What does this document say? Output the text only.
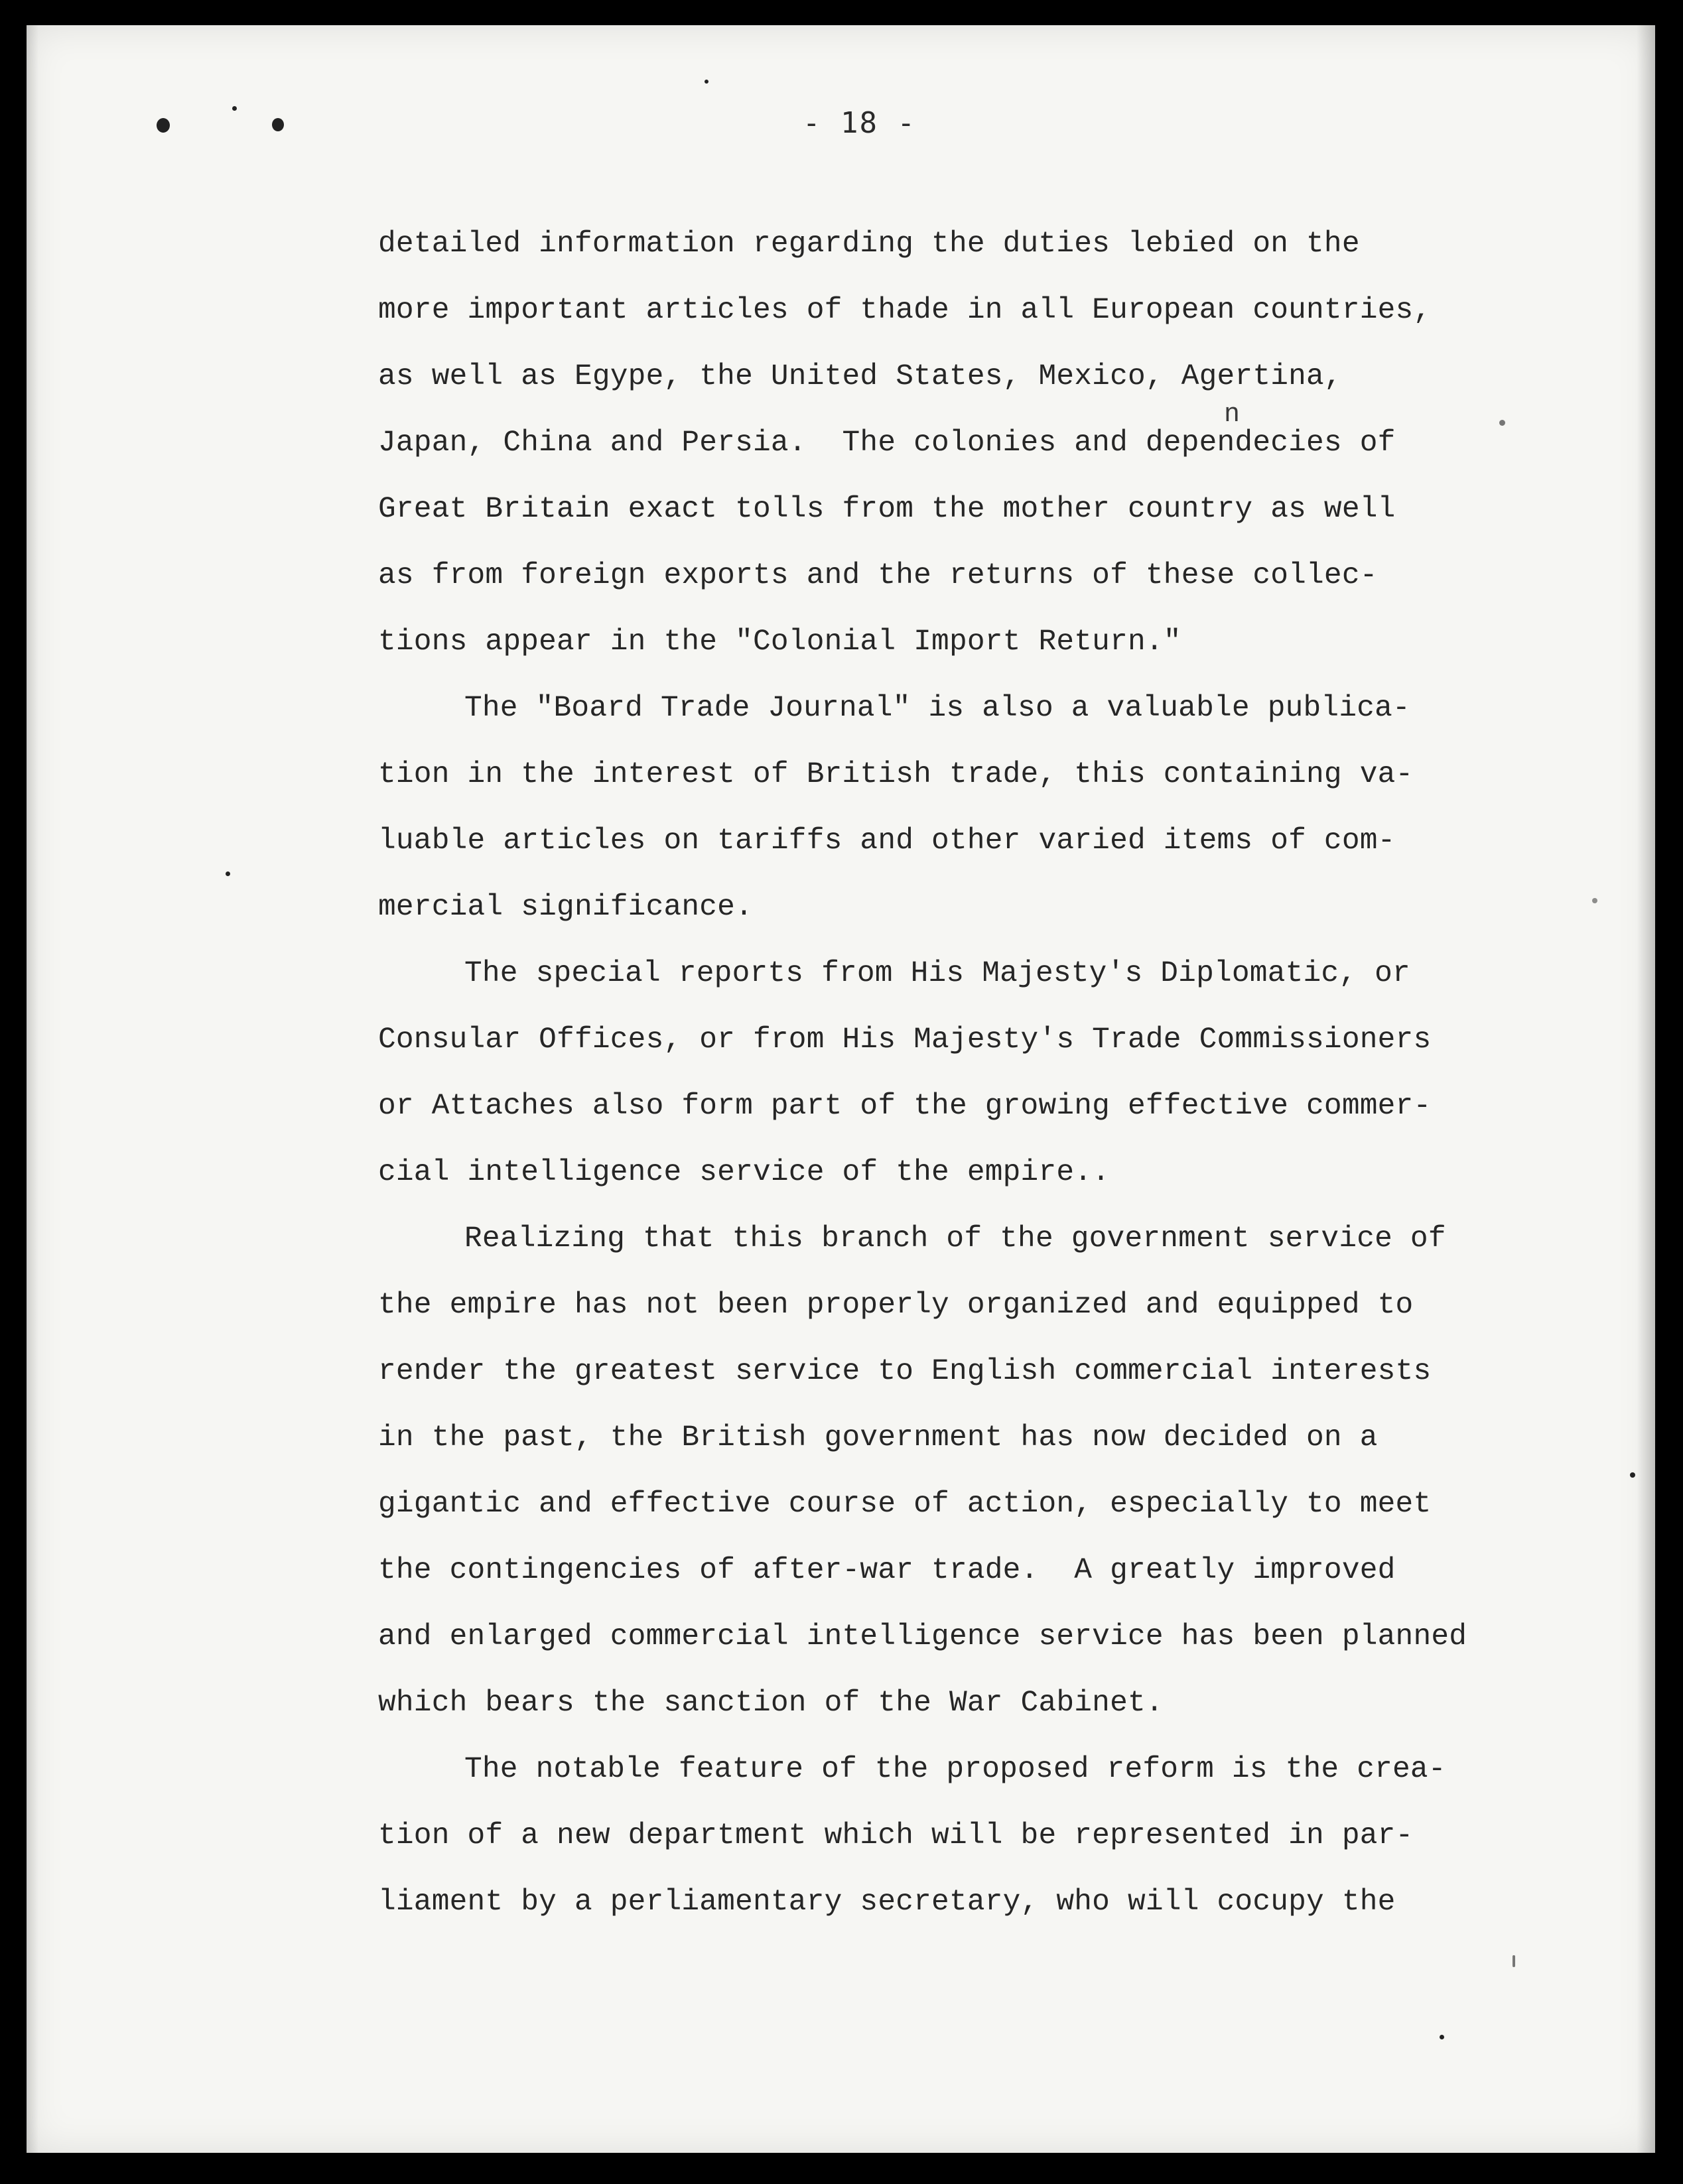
- 18 -
n
detailed information regarding the duties lebied on the
more important articles of thade in all European countries,
as well as Egype, the United States, Mexico, Agertina,
Japan, China and Persia.  The colonies and dependecies of
Great Britain exact tolls from the mother country as well
as from foreign exports and the returns of these collec-
tions appear in the "Colonial Import Return."
The "Board Trade Journal" is also a valuable publica-
tion in the interest of British trade, this containing va-
luable articles on tariffs and other varied items of com-
mercial significance.
The special reports from His Majesty's Diplomatic, or
Consular Offices, or from His Majesty's Trade Commissioners
or Attaches also form part of the growing effective commer-
cial intelligence service of the empire..
Realizing that this branch of the government service of
the empire has not been properly organized and equipped to
render the greatest service to English commercial interests
in the past, the British government has now decided on a
gigantic and effective course of action, especially to meet
the contingencies of after-war trade.  A greatly improved
and enlarged commercial intelligence service has been planned
which bears the sanction of the War Cabinet.
The notable feature of the proposed reform is the crea-
tion of a new department which will be represented in par-
liament by a perliamentary secretary, who will cocupy the
